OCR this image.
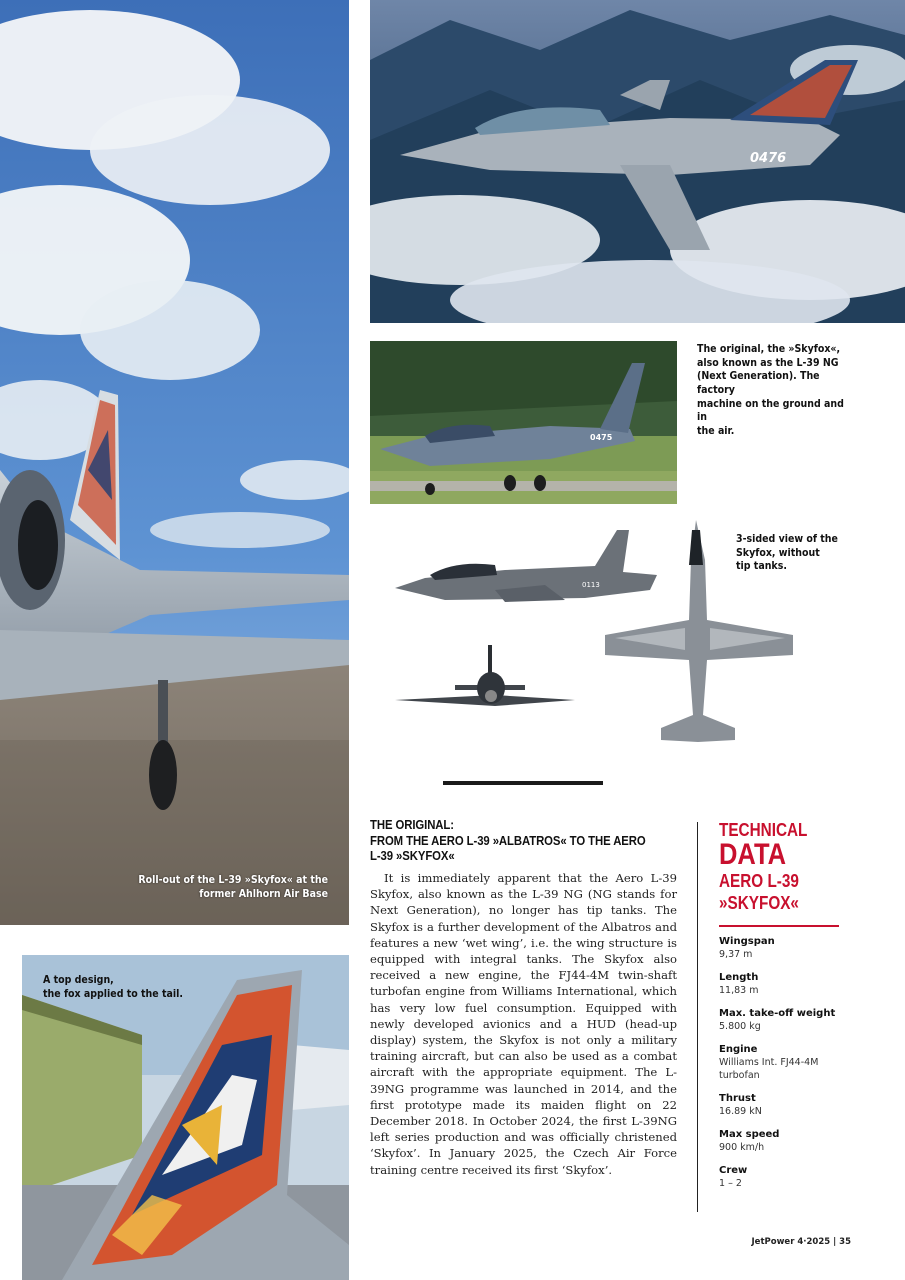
Roll-out of the L-39 »Skyfox« at the
former Ahlhorn Air Base
0476
0475
The original, the »Skyfox«,
also known as the L-39 NG
(Next Generation). The factory
machine on the ground and in
the air.
0113
3-sided view of the
Skyfox, without
tip tanks.
A top design,
the fox applied to the tail.
THE ORIGINAL:
FROM THE AERO L-39 »ALBATROS« TO THE AERO
L-39 »SKYFOX«
It is immediately apparent that the Aero L-39 Skyfox, also known as the L-39 NG (NG stands for Next Generation), no longer has tip tanks. The Skyfox is a further development of the Albatros and features a new ‘wet wing’, i.e. the wing structure is equipped with integral tanks. The Skyfox also received a new engine, the FJ44-4M twin-shaft turbofan engine from Williams International, which has very low fuel consumption. Equipped with newly developed avionics and a HUD (head-up display) system, the Skyfox is not only a military training aircraft, but can also be used as a combat aircraft with the appropriate equipment. The L-39NG programme was launched in 2014, and the first prototype made its maiden flight on 22 December 2018. In October 2024, the first L-39NG left series production and was officially christened ‘Skyfox’. In January 2025, the Czech Air Force training centre received its first ‘Skyfox’.
TECHNICAL
DATA
AERO L-39
»SKYFOX«
Wingspan
9,37 m
Length
11,83 m
Max. take-off weight
5.800 kg
Engine
Williams Int. FJ44-4M turbofan
Thrust
16.89 kN
Max speed
900 km/h
Crew
1 – 2
JetPower 4·2025 | 35
